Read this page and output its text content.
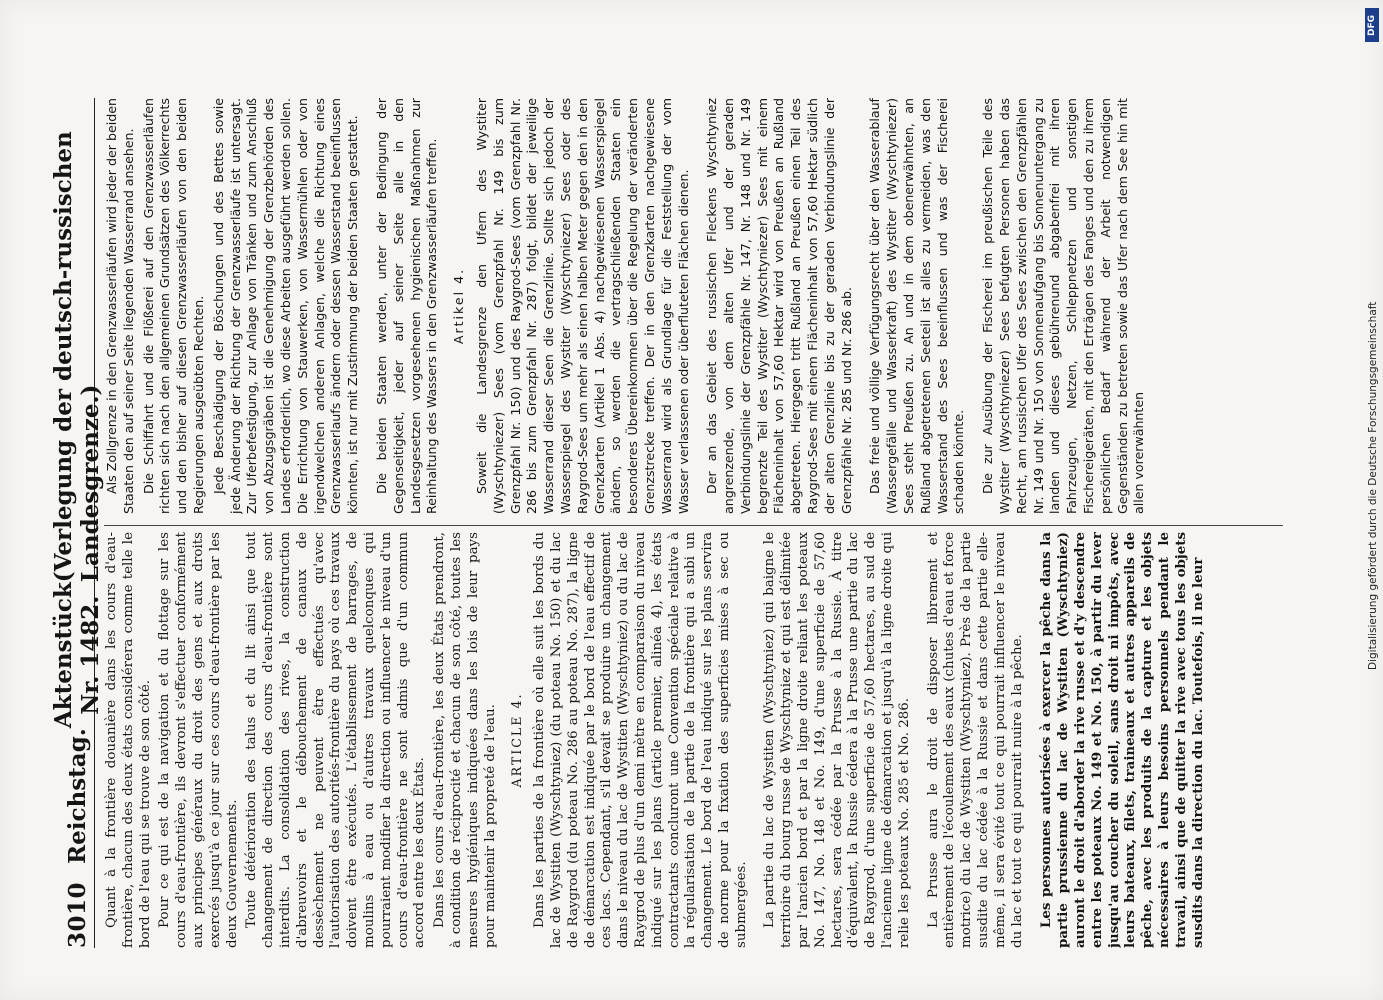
3010
Reichstag.
Aktenstück Nr. 1482.
(Verlegung der deutsch-russischen Landesgrenze.)

Quant à la frontière douanière dans les cours d'eau-frontière, chacun des deux états considérera comme telle le bord de l'eau qui se trouve de son côté. Pour ce qui est de la navigation et du flottage sur les cours d'eau-frontière, ils devront s'effectuer conformément aux principes généraux du droit des gens et aux droits exercés jusqu'à ce jour sur ces cours d'eau-frontière par les deux Gouvernements. Toute détérioration des talus et du lit ainsi que tout changement de direction des cours d'eau-frontière sont interdits. La consolidation des rives, la construction d'abreuvoirs et le débouchement de canaux de dessèchement ne peuvent être effectués qu'avec l'autorisation des autorités-frontière du pays où ces travaux doivent être exécutés. L'établissement de barrages, de moulins à eau ou d'autres travaux quelconques qui pourraient modifier la direction ou influencer le niveau d'un cours d'eau-frontière ne sont admis que d'un commun accord entre les deux États. Dans les cours d'eau-frontière, les deux États prendront, à condition de réciprocité et chacun de son côté, toutes les mesures hygiéniques indiquées dans les lois de leur pays pour maintenir la propreté de l'eau. ARTICLE 4. Dans les parties de la frontière où elle suit les bords du lac de Wystiten (Wyschtyniez) (du poteau No. 150) et du lac de Raygrod (du poteau No. 286 au poteau No. 287), la ligne de démarcation est indiquée par le bord de l'eau effectif de ces lacs. Cependant, s'il devait se produire un changement dans le niveau du lac de Wystiten (Wyschtyniez) ou du lac de Raygrod de plus d'un demi mètre en comparaison du niveau indiqué sur les plans (article premier, alinéa 4), les états contractants concluront une Convention spéciale relative à la régularisation de la partie de la frontière qui a subi un changement. Le bord de l'eau indiqué sur les plans servira de norme pour la fixation des superficies mises à sec ou submergées. La partie du lac de Wystiten (Wyschtyniez) qui baigne le territoire du bourg russe de Wyschtyniez et qui est délimitée par l'ancien bord et par la ligne droite reliant les poteaux No. 147, No. 148 et No. 149, d'une superficie de 57,60 hectares, sera cédée par la Prusse à la Russie. À titre d'équivalent, la Russie cédera à la Prusse une partie du lac de Raygrod, d'une superficie de 57,60 hectares, au sud de l'ancienne ligne de démarcation et jusqu'à la ligne droite qui relie les poteaux No. 285 et No. 286. La Prusse aura le droit de disposer librement et entièrement de l'écoulement des eaux (chutes d'eau et force motrice) du lac de Wystiten (Wyschtyniez). Près de la partie susdite du lac cédée à la Russie et dans cette partie elle-même, il sera évité tout ce qui pourrait influencer le niveau du lac et tout ce qui pourrait nuire à la pêche. Les personnes autorisées à exercer la pêche dans la partie prussienne du lac de Wystiten (Wyschtyniez) auront le droit d'aborder la rive russe et d'y descendre entre les poteaux No. 149 et No. 150, à partir du lever jusqu'au coucher du soleil, sans droit ni impôts, avec leurs bateaux, filets, traineaux et autres appareils de pêche, avec les produits de la capture et les objets nécessaires à leurs besoins personnels pendant le travail, ainsi que de quitter la rive avec tous les objets susdits dans la direction du lac. Toutefois, il ne leur

Als Zollgrenze in den Grenzwasserläufen wird jeder der beiden Staaten den auf seiner Seite liegenden Wasserrand ansehen. Die Schiffahrt und die Flößerei auf den Grenzwasserläufen richten sich nach den allgemeinen Grundsätzen des Völkerrechts und den bisher auf diesen Grenzwasserläufen von den beiden Regierungen ausgeübten Rechten. Jede Beschädigung der Böschungen und des Bettes sowie jede Änderung der Richtung der Grenzwasserläufe ist untersagt. Zur Uferbefestigung, zur Anlage von Tränken und zum Anschluß von Abzugsgräben ist die Genehmigung der Grenzbehörden des Landes erforderlich, wo diese Arbeiten ausgeführt werden sollen. Die Errichtung von Stauwerken, von Wassermühlen oder von irgendwelchen anderen Anlagen, welche die Richtung eines Grenzwasserlaufs ändern oder dessen Wasserstand beeinflussen könnten, ist nur mit Zustimmung der beiden Staaten gestattet. Die beiden Staaten werden, unter der Bedingung der Gegenseitigkeit, jeder auf seiner Seite alle in den Landesgesetzen vorgesehenen hygienischen Maßnahmen zur Reinhaltung des Wassers in den Grenzwasserläufen treffen. Artikel 4. Soweit die Landesgrenze den Ufern des Wystiter (Wyschtyniezer) Sees (vom Grenzpfahl Nr. 149 bis zum Grenzpfahl Nr. 150) und des Raygrod-Sees (vom Grenzpfahl Nr. 286 bis zum Grenzpfahl Nr. 287) folgt, bildet der jeweilige Wasserrand dieser Seen die Grenzlinie. Sollte sich jedoch der Wasserspiegel des Wystiter (Wyschtyniezer) Sees oder des Raygrod-Sees um mehr als einen halben Meter gegen den in den Grenzkarten (Artikel 1 Abs. 4) nachgewiesenen Wasserspiegel ändern, so werden die vertragschließenden Staaten ein besonderes Übereinkommen über die Regelung der veränderten Grenzstrecke treffen. Der in den Grenzkarten nachgewiesene Wasserrand wird als Grundlage für die Feststellung der vom Wasser verlassenen oder überfluteten Flächen dienen. Der an das Gebiet des russischen Fleckens Wyschtyniez angrenzende, von dem alten Ufer und der geraden Verbindungslinie der Grenzpfähle Nr. 147, Nr. 148 und Nr. 149 begrenzte Teil des Wystiter (Wyschtyniezer) Sees mit einem Flächeninhalt von 57,60 Hektar wird von Preußen an Rußland abgetreten. Hiergegen tritt Rußland an Preußen einen Teil des Raygrod-Sees mit einem Flächeninhalt von 57,60 Hektar südlich der alten Grenzlinie bis zu der geraden Verbindungslinie der Grenzpfähle Nr. 285 und Nr. 286 ab. Das freie und völlige Verfügungsrecht über den Wasserablauf (Wassergefälle und Wasserkraft) des Wystiter (Wyschtyniezer) Sees steht Preußen zu. An und in dem obenerwähnten, an Rußland abgetretenen Seeteil ist alles zu vermeiden, was den Wasserstand des Sees beeinflussen und was der Fischerei schaden könnte. Die zur Ausübung der Fischerei im preußischen Teile des Wystiter (Wyschtyniezer) Sees befugten Personen haben das Recht, am russischen Ufer des Sees zwischen den Grenzpfählen Nr. 149 und Nr. 150 von Sonnenaufgang bis Sonnenuntergang zu landen und dieses gebührenund abgabenfrei mit ihren Fahrzeugen, Netzen, Schleppnetzen und sonstigen Fischereigeräten, mit den Erträgen des Fanges und den zu ihrem persönlichen Bedarf während der Arbeit notwendigen Gegenständen zu betreten sowie das Ufer nach dem See hin mit allen vorerwähnten

DFG
Digitalisierung gefördert durch die Deutsche Forschungsgemeinschaft
